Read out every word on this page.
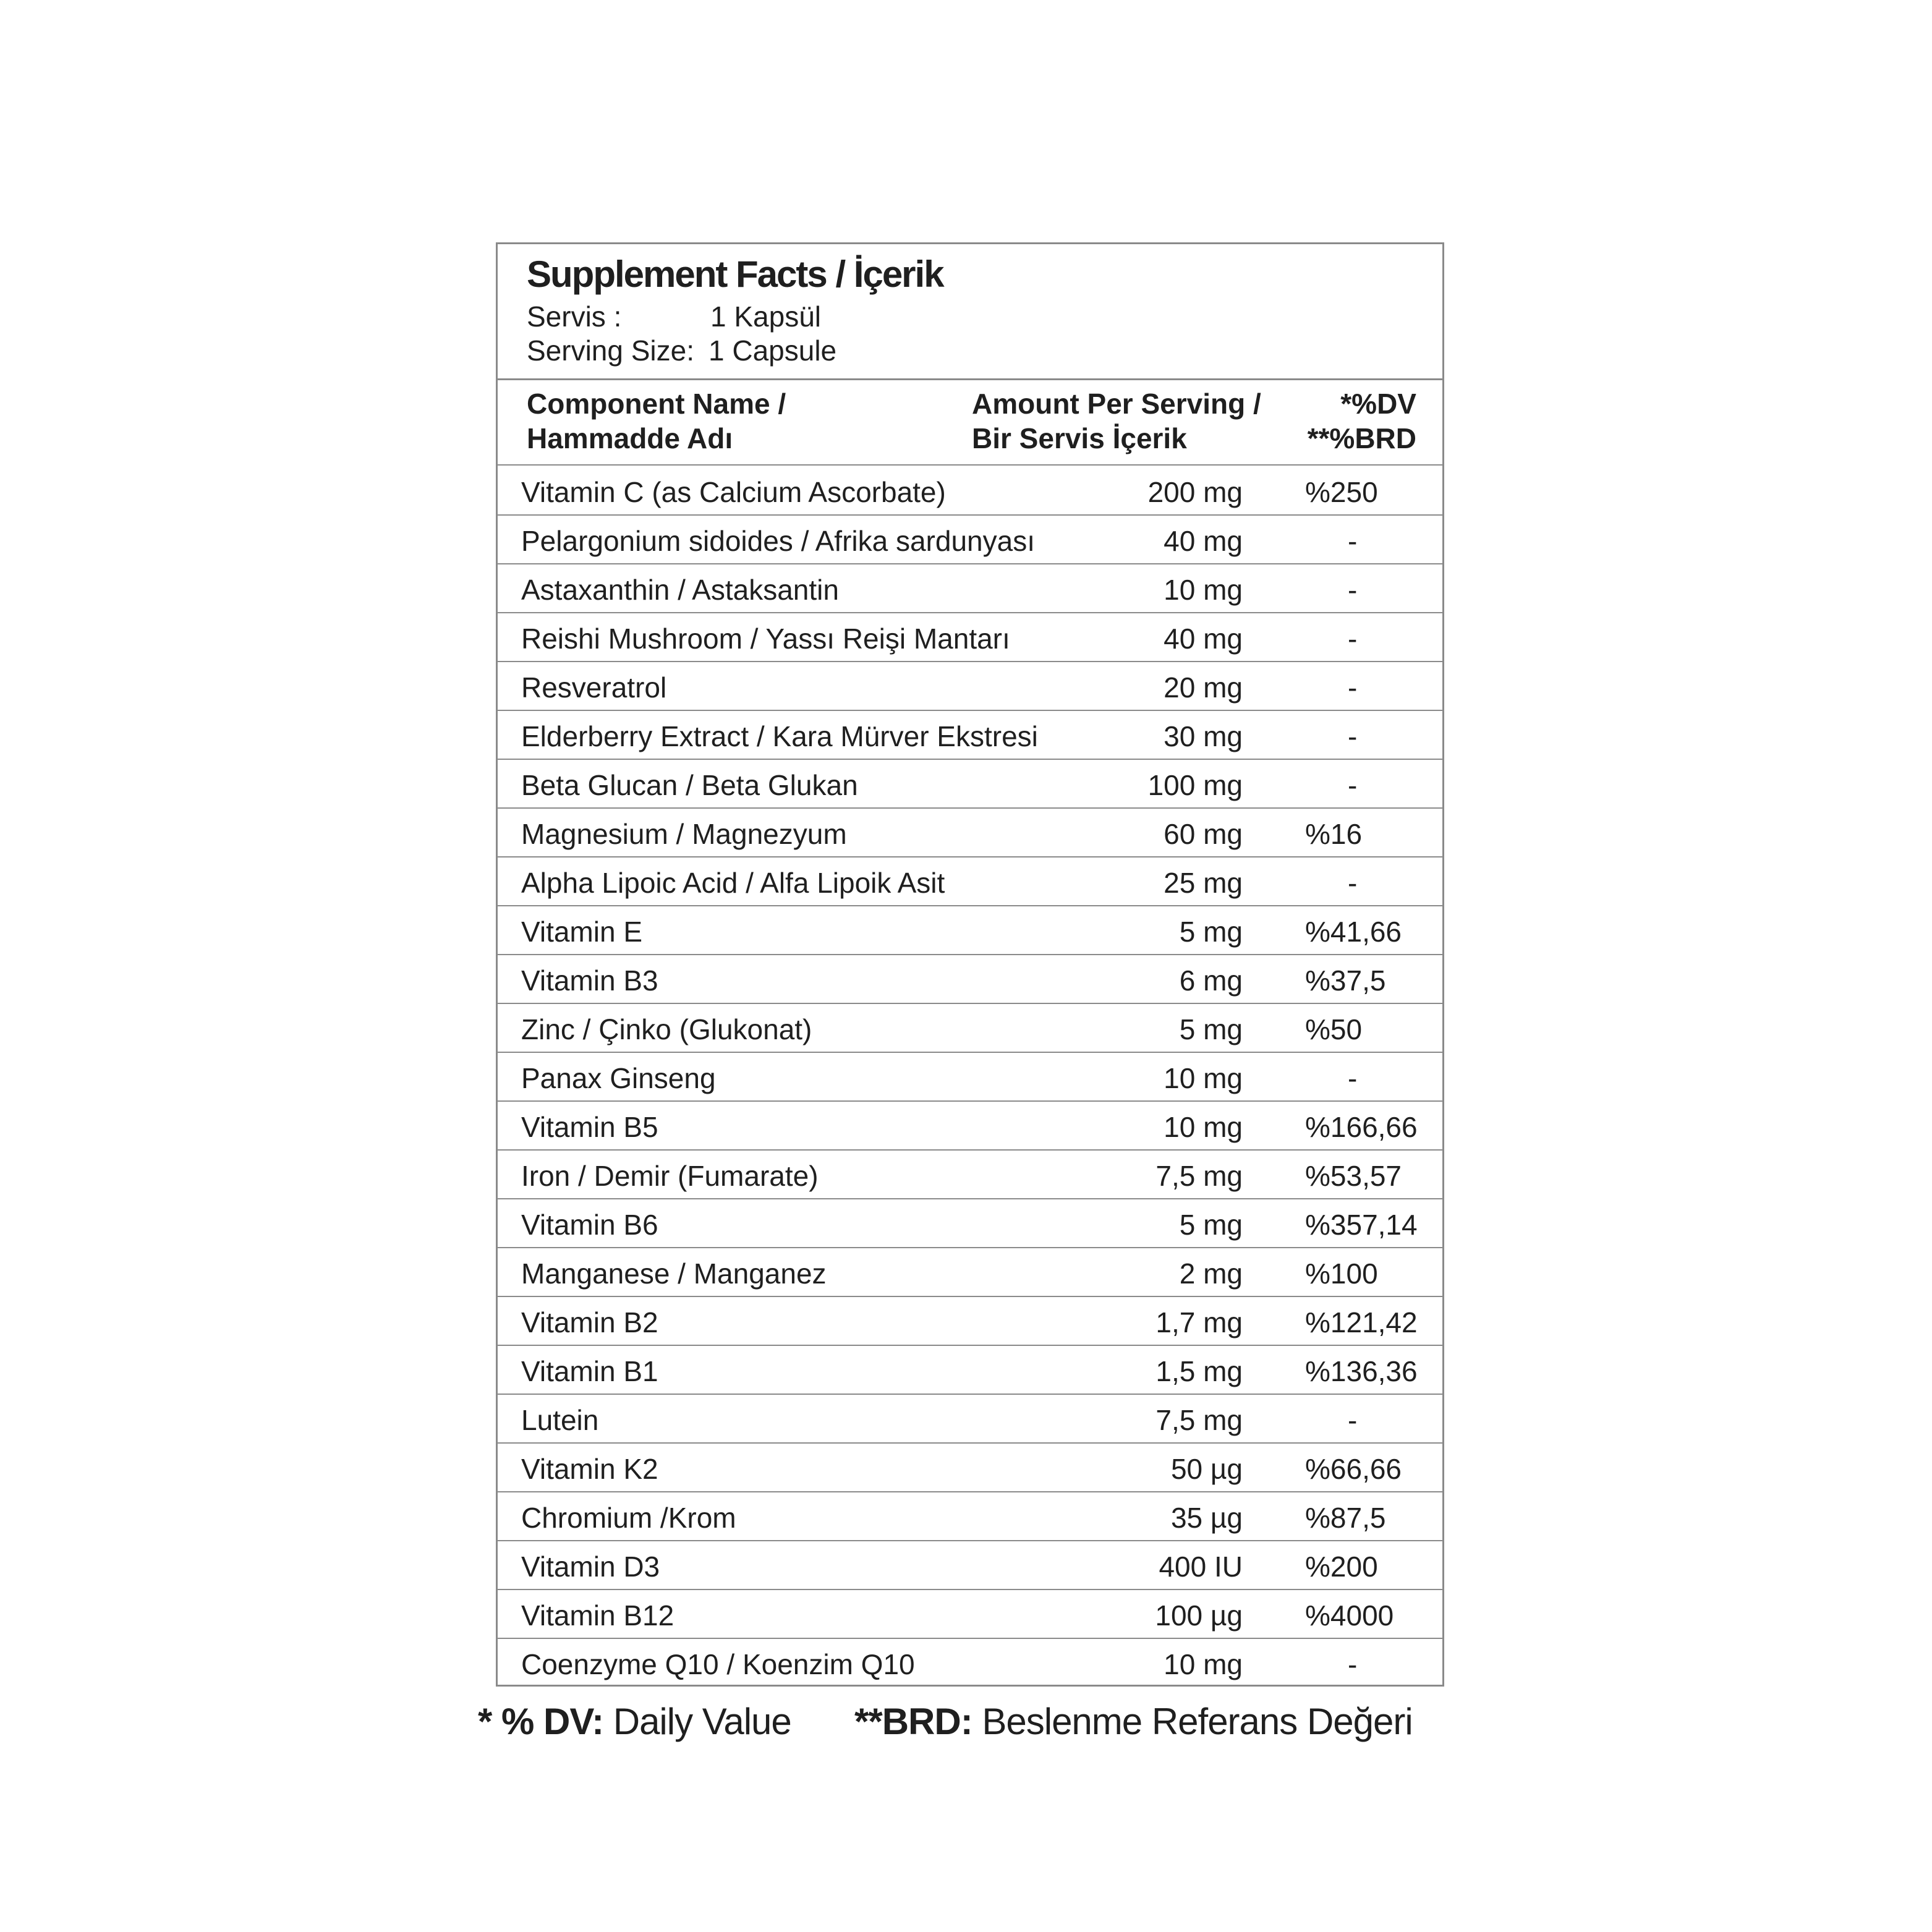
Supplement Facts / İçerik
Servis :	1 Kapsül
Serving Size: 1 Capsule
Component Name /
Hammadde Adı
Amount Per Serving /
Bir Servis İçerik
*%DV
**%BRD
Vitamin C (as Calcium Ascorbate)	200 mg %250
Pelargonium sidoides / Afrika sardunyası	40 mg	-
Astaxanthin / Astaksantin	10 mg	-
Reishi Mushroom / Yassı Reişi Mantarı	40 mg	-
Resveratrol	20 mg	-
Elderberry Extract / Kara Mürver Ekstresi	30 mg	-
Beta Glucan / Beta Glukan	100 mg	-
Magnesium / Magnezyum	60 mg %16
Alpha Lipoic Acid / Alfa Lipoik Asit	25 mg	-
Vitamin E	5 mg %41,66
Vitamin B3	6 mg %37,5
Zinc / Çinko (Glukonat)	5 mg %50
Panax Ginseng	10 mg	-
Vitamin B5	10 mg %166,66
Iron / Demir (Fumarate)	7,5 mg %53,57
Vitamin B6	5 mg %357,14
Manganese / Manganez	2 mg %100
Vitamin B2	1,7 mg %121,42
Vitamin B1	1,5 mg %136,36
Lutein	7,5 mg	-
Vitamin K2	50 µg %66,66
Chromium /Krom	35 µg %87,5
Vitamin D3	400 IU %200
Vitamin B12	100 µg %4000
Coenzyme Q10 / Koenzim Q10	10 mg	-
* % DV: Daily Value **BRD: Beslenme Referans Değeri
